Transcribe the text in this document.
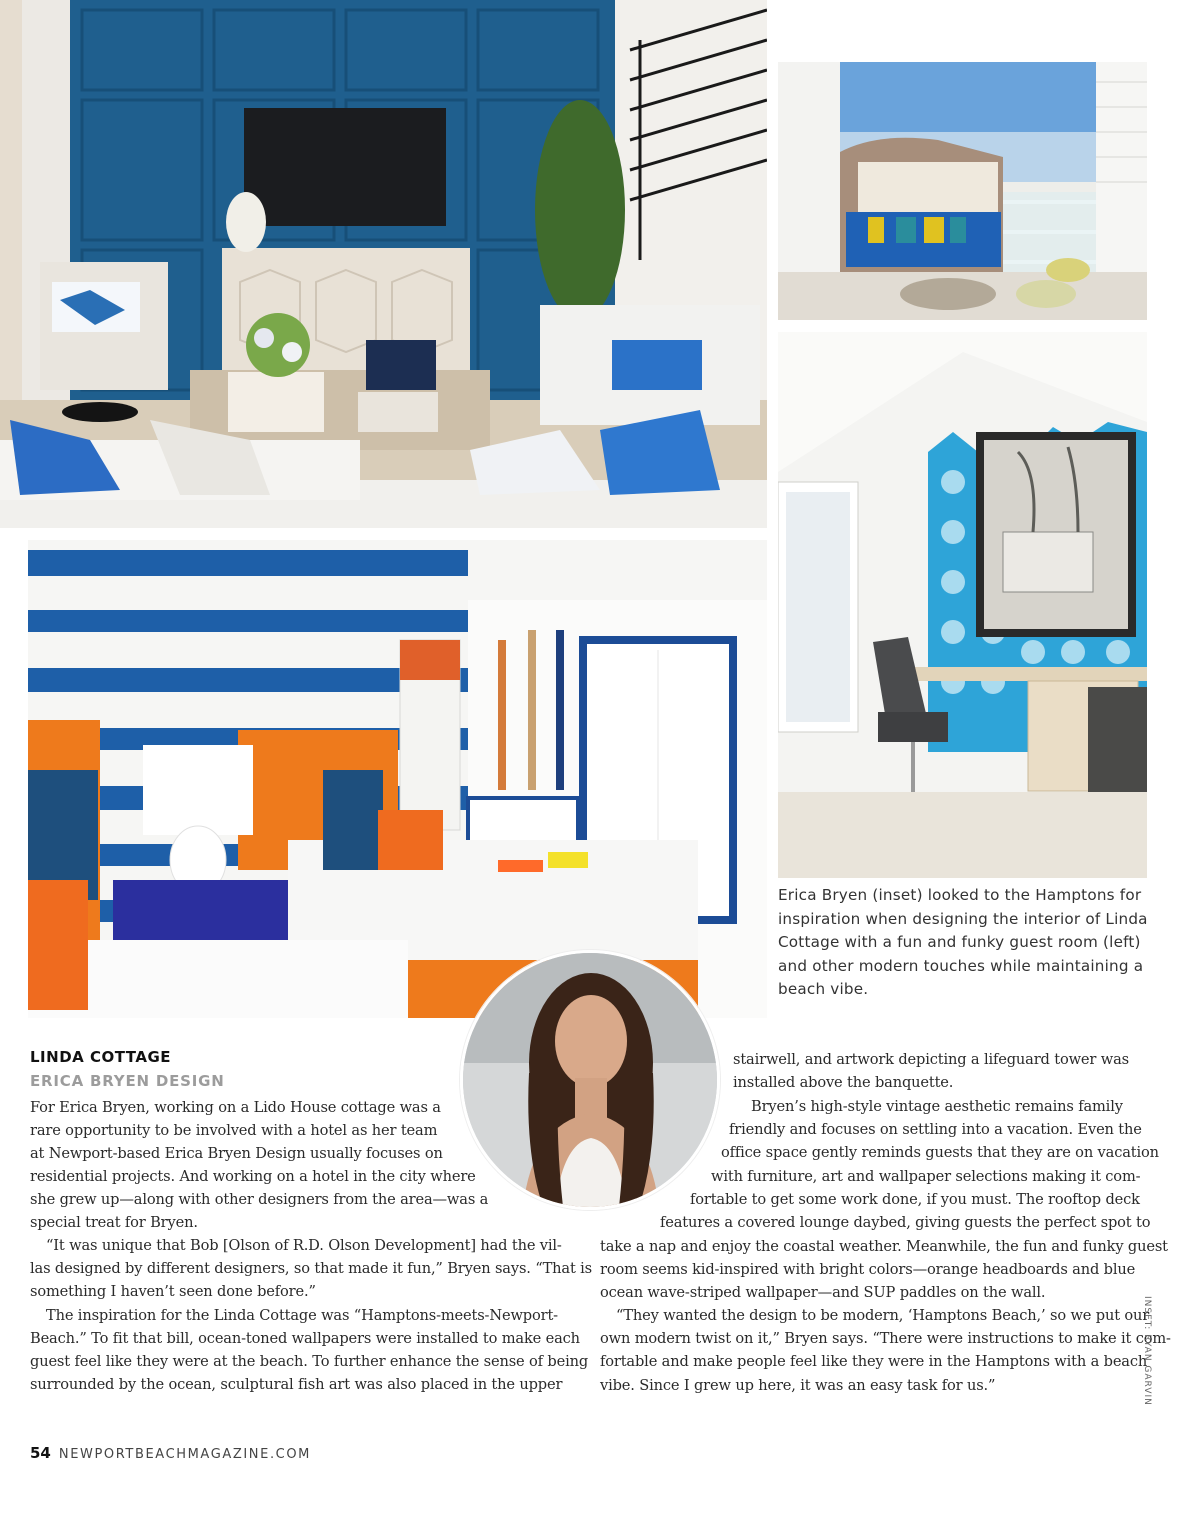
Erica Bryen (inset) looked to the Hamptons for inspiration when designing the interior of Linda Cottage with a fun and funky guest room (left) and other modern touches while maintaining a beach vibe.

LINDA COTTAGE
ERICA BRYEN DESIGN
For Erica Bryen, working on a Lido House cottage was a
rare opportunity to be involved with a hotel as her team
at Newport-based Erica Bryen Design usually focuses on
residential projects. And working on a hotel in the city where
she grew up—along with other designers from the area—was a
special treat for Bryen.
“It was unique that Bob [Olson of R.D. Olson Development] had the vil-
las designed by different designers, so that made it fun,” Bryen says. “That is
something I haven’t seen done before.”
The inspiration for the Linda Cottage was “Hamptons-meets-Newport-
Beach.” To fit that bill, ocean-toned wallpapers were installed to make each
guest feel like they were at the beach. To further enhance the sense of being
surrounded by the ocean, sculptural fish art was also placed in the upper
stairwell, and artwork depicting a lifeguard tower was
installed above the banquette.
Bryen’s high-style vintage aesthetic remains family
friendly and focuses on settling into a vacation. Even the
office space gently reminds guests that they are on vacation
with furniture, art and wallpaper selections making it com-
fortable to get some work done, if you must. The rooftop deck
features a covered lounge daybed, giving guests the perfect spot to
take a nap and enjoy the coastal weather. Meanwhile, the fun and funky guest
room seems kid-inspired with bright colors—orange headboards and blue
ocean wave-striped wallpaper—and SUP paddles on the wall.
“They wanted the design to be modern, ‘Hamptons Beach,’ so we put our
own modern twist on it,” Bryen says. “There were instructions to make it com-
fortable and make people feel like they were in the Hamptons with a beach
vibe. Since I grew up here, it was an easy task for us.”
54 NEWPORTBEACHMAGAZINE.COM
INSET: RYAN GARVIN
